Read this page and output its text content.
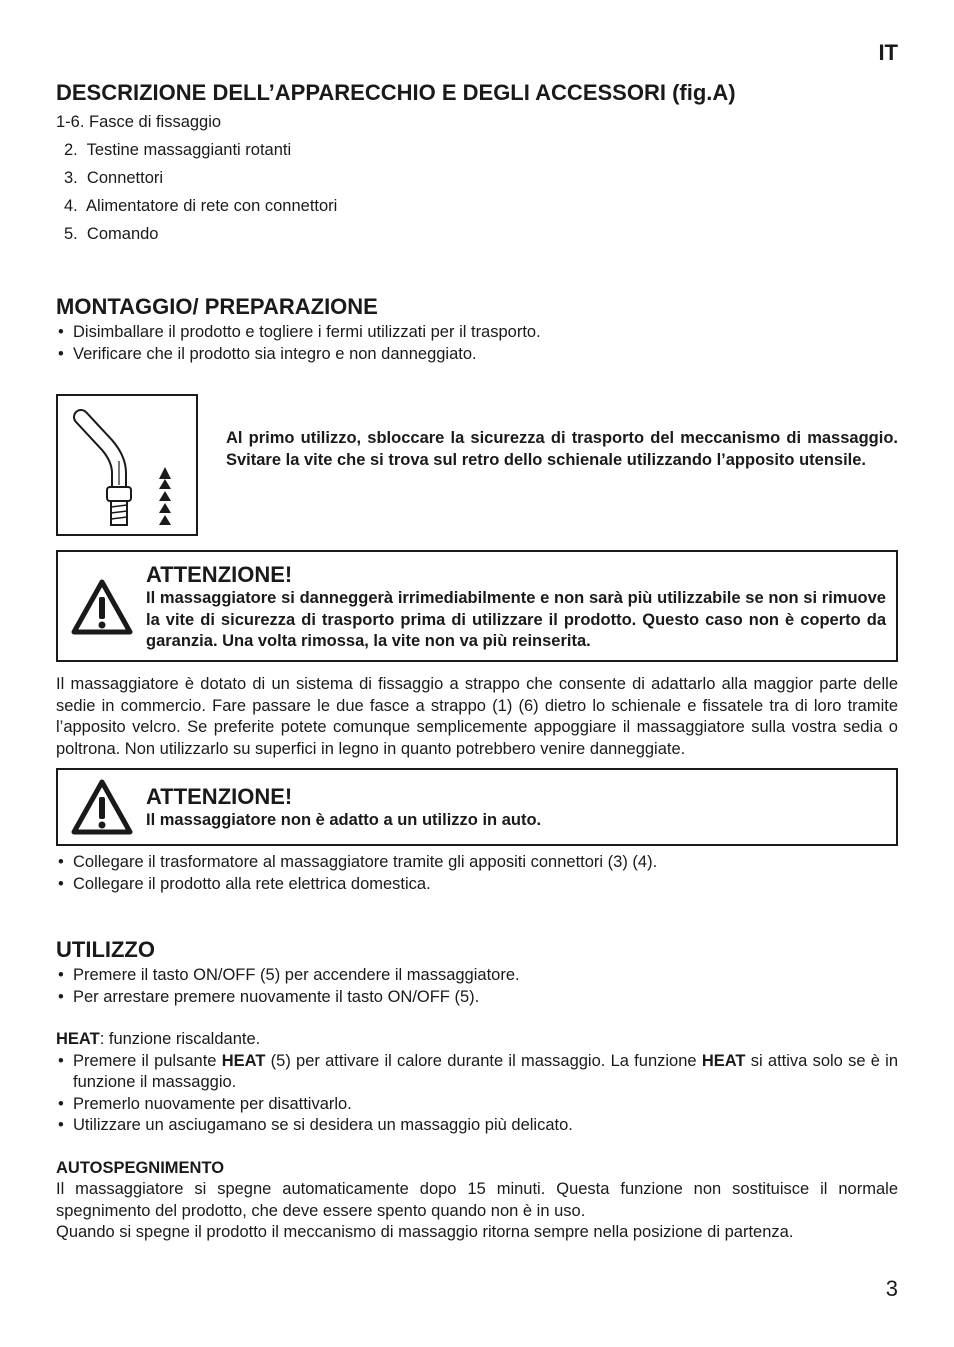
IT
DESCRIZIONE DELL’APPARECCHIO E DEGLI ACCESSORI (fig.A)
1-6. Fasce di fissaggio
2.  Testine massaggianti rotanti
3.  Connettori
4.  Alimentatore di rete con connettori
5.  Comando
MONTAGGIO/ PREPARAZIONE
• Disimballare il prodotto e togliere i fermi utilizzati per il trasporto.
• Verificare che il prodotto sia integro e non danneggiato.
Al primo utilizzo, sbloccare la sicurezza di trasporto del meccanismo di massaggio. Svitare la vite che si trova sul retro dello schienale utilizzando l’apposito utensile.
ATTENZIONE!
Il massaggiatore si danneggerà irrimediabilmente e non sarà più utilizzabile se non si rimuove la vite di sicurezza di trasporto prima di utilizzare il prodotto. Questo caso non è coperto da garanzia. Una volta rimossa, la vite non va più reinserita.

Il massaggiatore è dotato di un sistema di fissaggio a strappo che consente di adattarlo alla maggior parte delle sedie in commercio. Fare passare le due fasce a strappo (1) (6) dietro lo schienale e fissatele tra di loro tramite l’apposito velcro. Se preferite potete comunque semplicemente appoggiare il massaggiatore sulla vostra sedia o poltrona. Non utilizzarlo su superfici in legno in quanto potrebbero venire danneggiate.

ATTENZIONE!
Il massaggiatore non è adatto a un utilizzo in auto.
• Collegare il trasformatore al massaggiatore tramite gli appositi connettori (3) (4).
• Collegare il prodotto alla rete elettrica domestica.
UTILIZZO
• Premere il tasto ON/OFF (5) per accendere il massaggiatore.
• Per arrestare premere nuovamente il tasto ON/OFF (5).

HEAT: funzione riscaldante.

• Premere il pulsante HEAT (5) per attivare il calore durante il massaggio. La funzione HEAT si attiva solo se è in funzione il massaggio.
• Premerlo nuovamente per disattivarlo.
• Utilizzare un asciugamano se si desidera un massaggio più delicato.
AUTOSPEGNIMENTO

Il massaggiatore si spegne automaticamente dopo 15 minuti. Questa funzione non sostituisce il normale spegnimento del prodotto, che deve essere spento quando non è in uso.

Quando si spegne il prodotto il meccanismo di massaggio ritorna sempre nella posizione di partenza.

3
